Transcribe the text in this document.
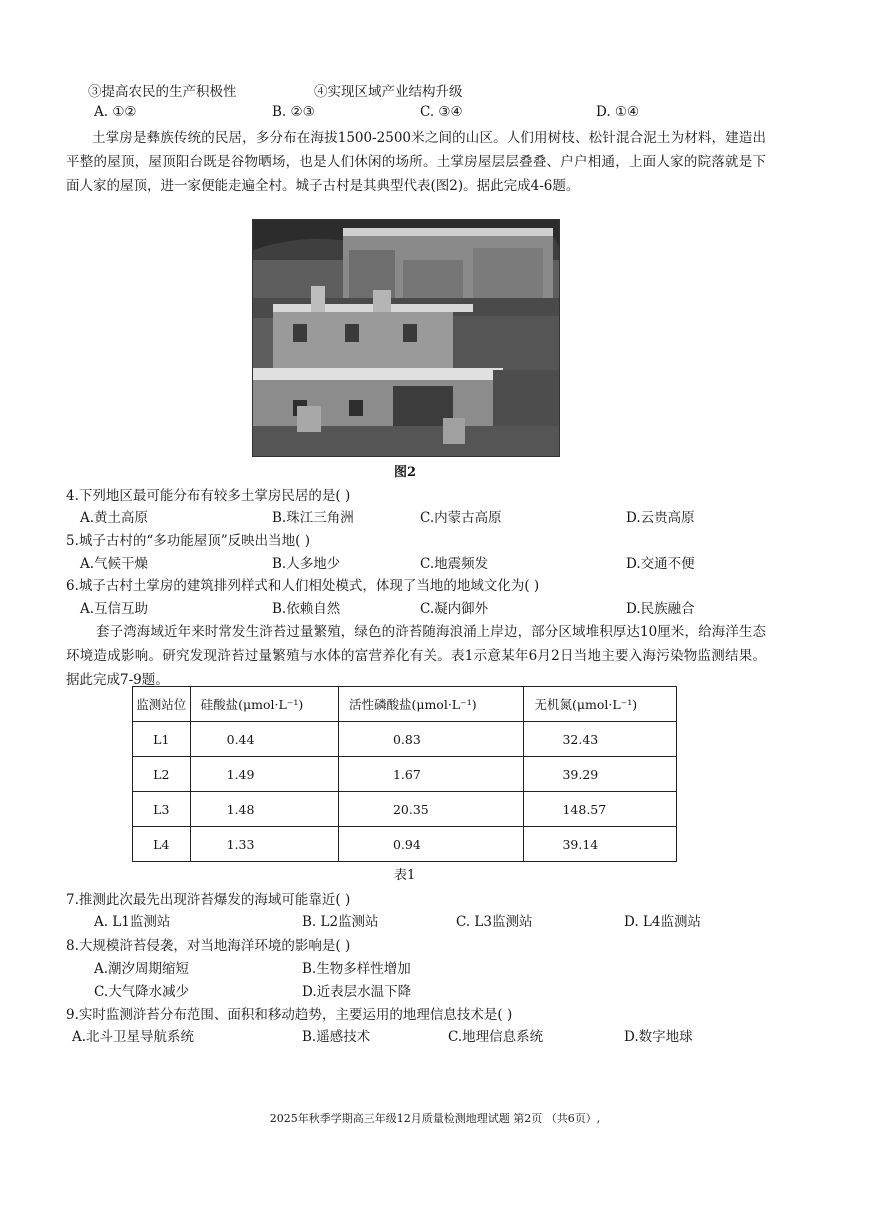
③提高农民的生产积极性	④实现区域产业结构升级
A. ①②	B. ②③	C. ③④	D. ①④
土掌房是彝族传统的民居，多分布在海拔1500-2500米之间的山区。人们用树枝、松针混合泥土为材料，建造出平整的屋顶，屋顶阳台既是谷物晒场，也是人们休闲的场所。土掌房屋层层叠叠、户户相通，上面人家的院落就是下面人家的屋顶，进一家便能走遍全村。城子古村是其典型代表(图2)。据此完成4-6题。
图2
4.下列地区最可能分布有较多土掌房民居的是( )
A.黄土高原	B.珠江三角洲	C.内蒙古高原	D.云贵高原
5.城子古村的“多功能屋顶”反映出当地( )
A.气候干燥	B.人多地少	C.地震频发	D.交通不便
6.城子古村土掌房的建筑排列样式和人们相处模式，体现了当地的地域文化为( )
A.互信互助	B.依赖自然	C.凝内御外	D.民族融合
套子湾海域近年来时常发生浒苔过量繁殖，绿色的浒苔随海浪涌上岸边，部分区域堆积厚达10厘米，给海洋生态环境造成影响。研究发现浒苔过量繁殖与水体的富营养化有关。表1示意某年6月2日当地主要入海污染物监测结果。据此完成7-9题。
监测站位	硅酸盐(μmol·L⁻¹)	活性磷酸盐(μmol·L⁻¹)	无机氮(μmol·L⁻¹)
L1	0.44	0.83	32.43
L2	1.49	1.67	39.29
L3	1.48	20.35	148.57
L4	1.33	0.94	39.14
表1
7.推测此次最先出现浒苔爆发的海域可能靠近( )
A. L1监测站	B. L2监测站	C. L3监测站	D. L4监测站
8.大规模浒苔侵袭，对当地海洋环境的影响是( )
A.潮汐周期缩短	B.生物多样性增加
C.大气降水减少	D.近表层水温下降
9.实时监测浒苔分布范围、面积和移动趋势，主要运用的地理信息技术是( )
A.北斗卫星导航系统	B.遥感技术	C.地理信息系统	D.数字地球
2025年秋季学期高三年级12月质量检测地理试题 第2页 （共6页）,
